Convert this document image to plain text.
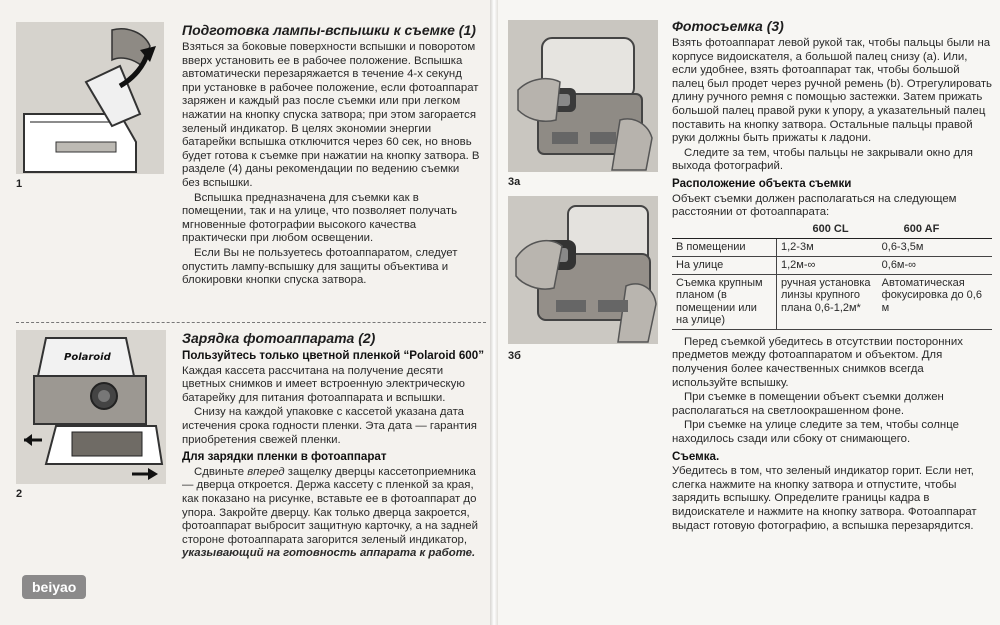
1
Подготовка лампы-вспышки к съемке (1)

Взяться за боковые поверхности вспышки и поворотом вверх установить ее в рабочее положение. Вспышка автоматически перезаряжается в течение 4-х секунд при установке в рабочее положение, если фотоаппарат заряжен и каждый раз после съемки или при легком нажатии на кнопку спуска затвора; при этом загорается зеленый индикатор. В целях экономии энергии батарейки вспышка отключится через 60 сек, но вновь будет готова к съемке при нажатии на кнопку затвора. В разделе (4) даны рекомендации по ведению съемки без вспышки.

Вспышка предназначена для съемки как в помещении, так и на улице, что позволяет получать мгновенные фотографии высокого качества практически при любом освещении.

Если Вы не пользуетесь фотоаппаратом, следует опустить лампу-вспышку для защиты объектива и блокировки кнопки спуска затвора.

Polaroid
2
Зарядка фотоаппарата (2)
Пользуйтесь только цветной пленкой “Polaroid 600”

Каждая кассета рассчитана на получение десяти цветных снимков и имеет встроенную электрическую батарейку для питания фотоаппарата и вспышки.

Снизу на каждой упаковке с кассетой указана дата истечения срока годности пленки. Эта дата — гарантия приобретения свежей пленки.

Для зарядки пленки в фотоаппарат

Сдвиньте вперед защелку дверцы кассетоприемника — дверца откроется. Держа кассету с пленкой за края, как показано на рисунке, вставьте ее в фотоаппарат до упора. Закройте дверцу. Как только дверца закроется, фотоаппарат выбросит защитную карточку, а на задней стороне фотоаппарата загорится зеленый индикатор, указывающий на готовность аппарата к работе.

beiyao
3а
3б
Фотосъемка (3)

Взять фотоаппарат левой рукой так, чтобы пальцы были на корпусе видоискателя, а большой палец снизу (а). Или, если удобнее, взять фотоаппарат так, чтобы большой палец был продет через ручной ремень (b). Отрегулировать длину ручного ремня с помощью застежки. Затем прижать большой палец правой руки к упору, а указательный палец поставить на кнопку затвора. Остальные пальцы правой руки должны быть прижаты к ладони.

Следите за тем, чтобы пальцы не закрывали окно для выхода фотографий.

Расположение объекта съемки

Объект съемки должен располагаться на следующем расстоянии от фотоаппарата:

	600 CL	600 AF
В помещении	1,2-3м	0,6-3,5м
На улице	1,2м-∞	0,6м-∞
Съемка крупным планом (в помещении или на улице)	ручная установка линзы крупного плана 0,6-1,2м*	Автоматическая фокусировка до 0,6 м

Перед съемкой убедитесь в отсутствии посторонних предметов между фотоаппаратом и объектом. Для получения более качественных снимков всегда используйте вспышку.

При съемке в помещении объект съемки должен располагаться на светлоокрашенном фоне.

При съемке на улице следите за тем, чтобы солнце находилось сзади или сбоку от снимающего.

Съемка.

Убедитесь в том, что зеленый индикатор горит. Если нет, слегка нажмите на кнопку затвора и отпустите, чтобы зарядить вспышку. Определите границы кадра в видоискателе и нажмите на кнопку затвора. Фотоаппарат выдаст готовую фотографию, а вспышка перезарядится.
